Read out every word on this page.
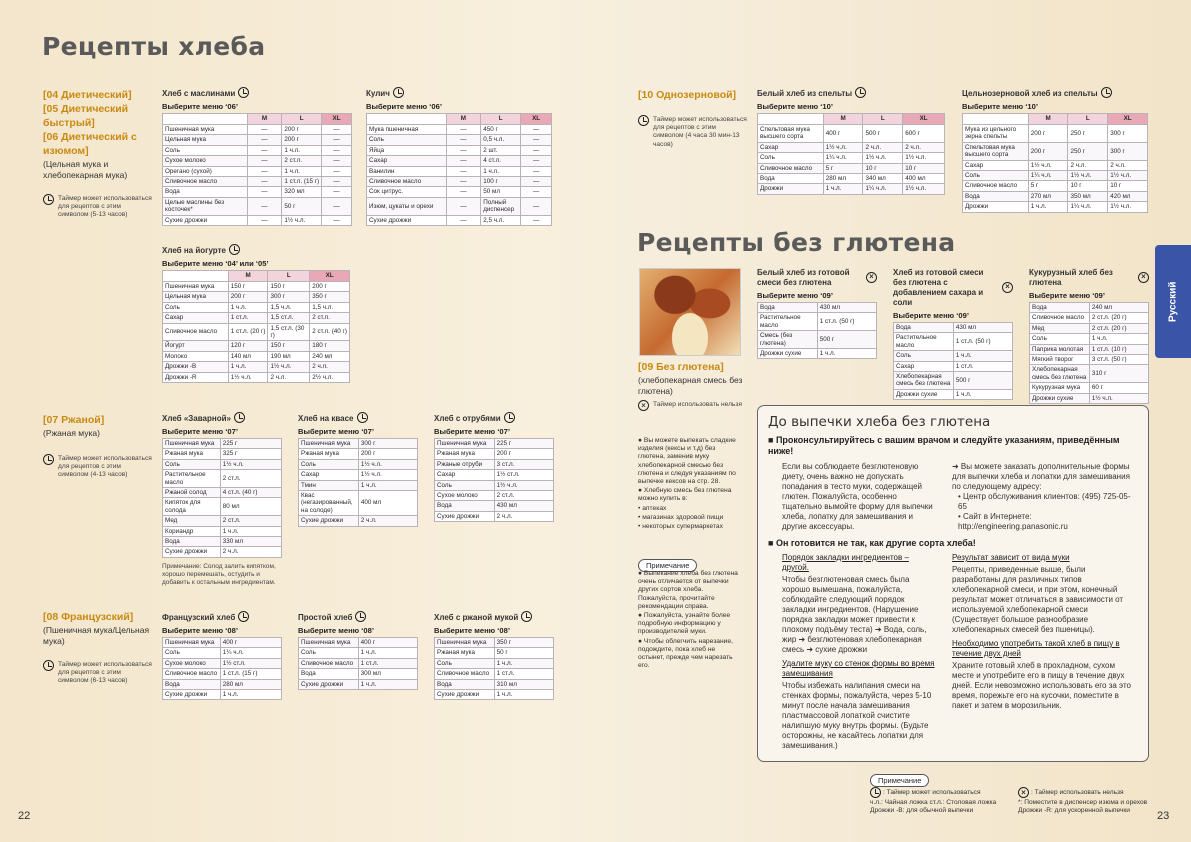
Рецепты хлеба
[04 Диетический]
[05 Диетический быстрый]
[06 Диетический с изюмом]
(Цельная мука и хлебопекарная мука)
Таймер может использоваться для рецептов с этим символом (5-13 часов)
Хлеб с маслинами
Выберите меню ‘06’
	M	L	XL
Пшеничная мука	—	200 г	—
Цельная мука	—	200 г	—
Соль	—	1 ч.л.	—
Сухое молоко	—	2 ст.л.	—
Орегано (сухой)	—	1 ч.л.	—
Сливочное масло	—	1 ст.л. (15 г)	—
Вода	—	320 мл	—
Целые маслины без косточек*	—	50 г	—
Сухие дрожжи	—	1½ ч.л.	—
Кулич
Выберите меню ‘06’
	M	L	XL
Мука пшеничная	—	450 г	—
Соль	—	0,5 ч.л.	—
Яйца	—	2 шт.	—
Сахар	—	4 ст.л.	—
Ванилин	—	1 ч.л.	—
Сливочное масло	—	100 г	—
Сок цитрус.	—	50 мл	—
Изюм, цукаты и орехи	—	Полный диспенсер	—
Сухие дрожжи	—	2,5 ч.л.	—
Хлеб на йогурте
Выберите меню ‘04’ или ‘05’
	M	L	XL
Пшеничная мука	150 г	150 г	200 г
Цельная мука	200 г	300 г	350 г
Соль	1 ч.л.	1,5 ч.л.	1,5 ч.л.
Сахар	1 ст.л.	1,5 ст.л.	2 ст.л.
Сливочное масло	1 ст.л. (20 г)	1,5 ст.л. (30 г)	2 ст.л. (40 г)
Йогурт	120 г	150 г	180 г
Молоко	140 мл	190 мл	240 мл
Дрожжи -В	1 ч.л.	1½ ч.л.	2 ч.л.
Дрожжи -R	1½ ч.л.	2 ч.л.	2½ ч.л.
[07 Ржаной]
(Ржаная мука)
Таймер может использоваться для рецептов с этим символом (4-13 часов)
Хлеб «Заварной»
Выберите меню ‘07’
Пшеничная мука	225 г
Ржаная мука	325 г
Соль	1½ ч.л.
Растительное масло	2 ст.л.
Ржаной солод	4 ст.л. (40 г)
Кипяток для солода	80 мл
Мед	2 ст.л.
Кориандр	1 ч.л.
Вода	330 мл
Сухие дрожжи	2 ч.л.
Примечание: Солод залить кипятком, хорошо перемешать, остудить и добавить к остальным ингредиентам.
Хлеб на квасе
Выберите меню ‘07’
Пшеничная мука	300 г
Ржаная мука	200 г
Соль	1½ ч.л.
Сахар	1½ ч.л.
Тмин	1 ч.л.
Квас (негазированный, на солоде)	400 мл
Сухие дрожжи	2 ч.л.
Хлеб с отрубями
Выберите меню ‘07’
Пшеничная мука	225 г
Ржаная мука	200 г
Ржаные отруби	3 ст.л.
Сахар	1½ ст.л.
Соль	1½ ч.л.
Сухое молоко	2 ст.л.
Вода	430 мл
Сухие дрожжи	2 ч.л.
[08 Французский]
(Пшеничная мука/Цельная мука)
Таймер может использоваться для рецептов с этим символом (6-13 часов)
Французский хлеб
Выберите меню ‘08’
Пшеничная мука	400 г
Соль	1¼ ч.л.
Сухое молоко	1½ ст.л.
Сливочное масло	1 ст.л. (15 г)
Вода	280 мл
Сухие дрожжи	1 ч.л.
Простой хлеб
Выберите меню ‘08’
Пшеничная мука	400 г
Соль	1 ч.л.
Сливочное масло	1 ст.л.
Вода	300 мл
Сухие дрожжи	1 ч.л.
Хлеб с ржаной мукой
Выберите меню ‘08’
Пшеничная мука	350 г
Ржаная мука	50 г
Соль	1 ч.л.
Сливочное масло	1 ст.л.
Вода	310 мл
Сухие дрожжи	1 ч.л.
22
[10 Однозерновой]
Таймер может использоваться для рецептов с этим символом (4 часа 30 мин-13 часов)
Белый хлеб из спельты
Выберите меню ‘10’
	M	L	XL
Спельтовая мука высшего сорта	400 г	500 г	600 г
Сахар	1½ ч.л.	2 ч.л.	2 ч.л.
Соль	1¼ ч.л.	1½ ч.л.	1½ ч.л.
Сливочное масло	5 г	10 г	10 г
Вода	280 мл	340 мл	400 мл
Дрожжи	1 ч.л.	1¼ ч.л.	1½ ч.л.
Цельнозерновой хлеб из спельты
Выберите меню ‘10’
	M	L	XL
Мука из цельного зерна спельты	200 г	250 г	300 г
Спельтовая мука высшего сорта	200 г	250 г	300 г
Сахар	1½ ч.л.	2 ч.л.	2 ч.л.
Соль	1¼ ч.л.	1½ ч.л.	1½ ч.л.
Сливочное масло	5 г	10 г	10 г
Вода	270 мл	350 мл	420 мл
Дрожжи	1 ч.л.	1¼ ч.л.	1½ ч.л.
Русский
Рецепты без глютена
[09 Без глютена]
(хлебопекарная смесь без глютена)
×	Таймер использовать нельзя
● Вы можете выпекать сладкие изделия (кексы и т.д) без глютена, заменив муку хлебопекарной смесью без глютена и следуя указаниям по выпечке кексов на стр. 28.
● Хлебную смесь без глютена можно купить в:
• аптеках
• магазинах здоровой пищи
• некоторых супермаркетах
Примечание
● Выпекание хлеба без глютена очень отличается от выпечки других сортов хлеба. Пожалуйста, прочитайте рекомендации справа.
● Пожалуйста, узнайте более подробную информацию у производителей муки.
● Чтобы облегчить нарезание, подождите, пока хлеб не остынет, прежде чем нарезать его.
Белый хлеб из готовой смеси без глютена
×
Выберите меню ‘09’
Вода	430 мл
Растительное масло	1 ст.л. (50 г)
Смесь (без глютена)	500 г
Дрожжи сухие	1 ч.л.
Хлеб из готовой смеси без глютена с добавлением сахара и соли
×
Выберите меню ‘09’
Вода	430 мл
Растительное масло	1 ст.л. (50 г)
Соль	1 ч.л.
Сахар	1 ст.л.
Хлебопекарная смесь без глютена	500 г
Дрожжи сухие	1 ч.л.
Кукурузный хлеб без глютена
×
Выберите меню ‘09’
Вода	240 мл
Сливочное масло	2 ст.л. (20 г)
Мед	2 ст.л. (20 г)
Соль	1 ч.л.
Паприка молотая	1 ст.л. (10 г)
Мягкий творог	3 ст.л. (50 г)
Хлебопекарная смесь без глютена	310 г
Кукурузная мука	60 г
Дрожжи сухие	1½ ч.л.
До выпечки хлеба без глютена
■ Проконсультируйтесь с вашим врачом и следуйте указаниям, приведённым ниже!
Если вы соблюдаете безглютеновую диету, очень важно не допускать попадания в тесто муки, содержащей глютен. Пожалуйста, особенно тщательно вымойте форму для выпечки хлеба, лопатку для замешивания и другие аксессуары.
➜ Вы можете заказать дополнительные формы для выпечки хлеба и лопатки для замешивания по следующему адресу:
• Центр обслуживания клиентов: (495) 725-05-65
• Сайт в Интернете: http://engineering.panasonic.ru
■ Он готовится не так, как другие сорта хлеба!
Порядок закладки ингредиентов – другой.
Чтобы безглютеновая смесь была хорошо вымешана, пожалуйста, соблюдайте следующий порядок закладки ингредиентов. (Нарушение порядка закладки может привести к плохому подъёму теста) ➜ Вода, соль, жир ➜ безглютеновая хлебопекарная смесь ➜ сухие дрожжи
Удалите муку со стенок формы во время замешивания
Чтобы избежать налипания смеси на стенках формы, пожалуйста, через 5-10 минут после начала замешивания пластмассовой лопаткой счистите налипшую муку внутрь формы. (Будьте осторожны, не касайтесь лопатки для замешивания.)
Результат зависит от вида муки
Рецепты, приведенные выше, были разработаны для различных типов хлебопекарной смеси, и при этом, конечный результат может отличаться в зависимости от используемой хлебопекарной смеси (Существует большое разнообразие хлебопекарных смесей без пшеницы).
Необходимо употребить такой хлеб в пищу в течение двух дней
Храните готовый хлеб в прохладном, сухом месте и употребите его в пищу в течение двух дней. Если невозможно использовать его за это время, порежьте его на кусочки, поместите в пакет и затем в морозильник.
Примечание
: Таймер может использоваться
ч.л.: Чайная ложка ст.л.: Столовая ложка
Дрожжи -В: для обычной выпечки
× : Таймер использовать нельзя
*: Поместите в диспенсер изюма и орехов
Дрожжи -R: для ускоренной выпечки	23
